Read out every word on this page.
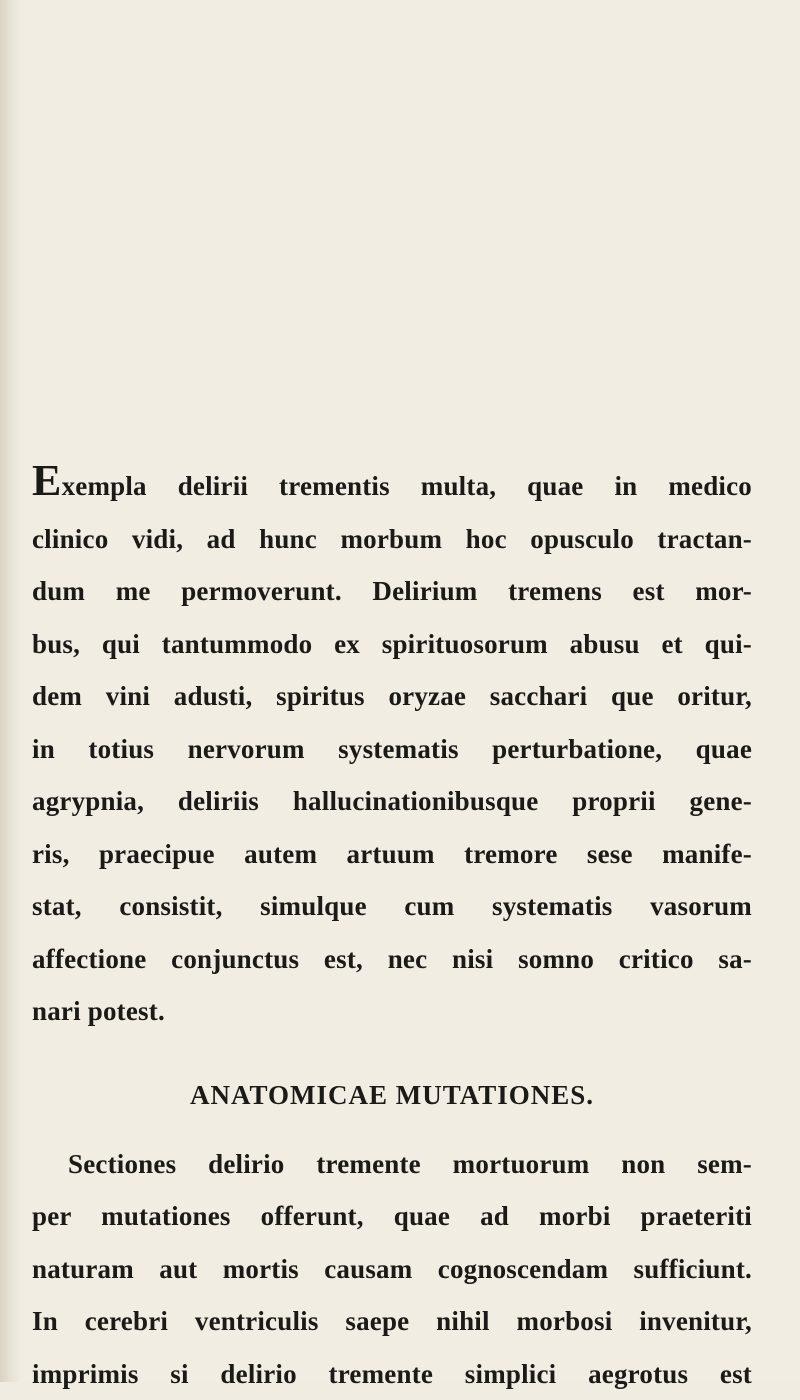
Exempla delirii trementis multa, quae in medico
clinico vidi, ad hunc morbum hoc opusculo tractan-
dum me permoverunt. Delirium tremens est mor-
bus, qui tantummodo ex spirituosorum abusu et qui-
dem vini adusti, spiritus oryzae sacchari que oritur,
in totius nervorum systematis perturbatione, quae
agrypnia, deliriis hallucinationibusque proprii gene-
ris, praecipue autem artuum tremore sese manife-
stat, consistit, simulque cum systematis vasorum
affectione conjunctus est, nec nisi somno critico sa-
nari potest.
ANATOMICAE MUTATIONES.
Sectiones delirio tremente mortuorum non sem-
per mutationes offerunt, quae ad morbi praeteriti
naturam aut mortis causam cognoscendam sufficiunt.
In cerebri ventriculis saepe nihil morbosi invenitur,
imprimis si delirio tremente simplici aegrotus est
